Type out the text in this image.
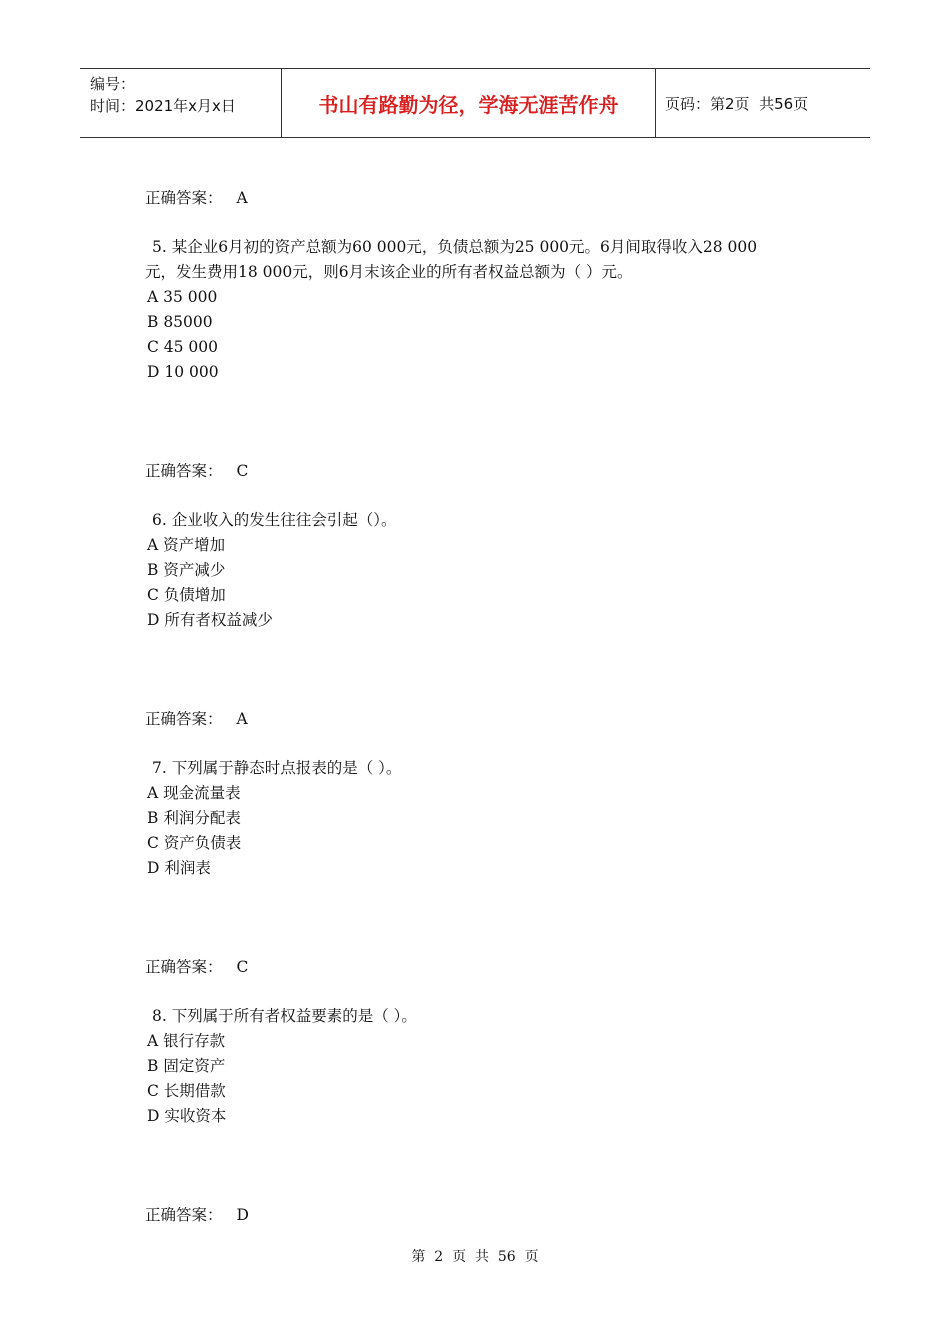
编号：
时间：2021年x月x日	书山有路勤为径，学海无涯苦作舟	页码：第2页  共56页
正确答案： A
5. 某企业6月初的资产总额为60 000元，负债总额为25 000元。6月间取得收入28 000
元，发生费用18 000元，则6月末该企业的所有者权益总额为（ ）元。
A 35 000
B 85000
C 45 000
D 10 000
正确答案： C
6. 企业收入的发生往往会引起（）。
A 资产增加
B 资产减少
C 负债增加
D 所有者权益减少
正确答案： A
7. 下列属于静态时点报表的是（ ）。
A 现金流量表
B 利润分配表
C 资产负债表
D 利润表
正确答案： C
8. 下列属于所有者权益要素的是（ ）。
A 银行存款
B 固定资产
C 长期借款
D 实收资本
正确答案： D
第  2  页  共  56  页
